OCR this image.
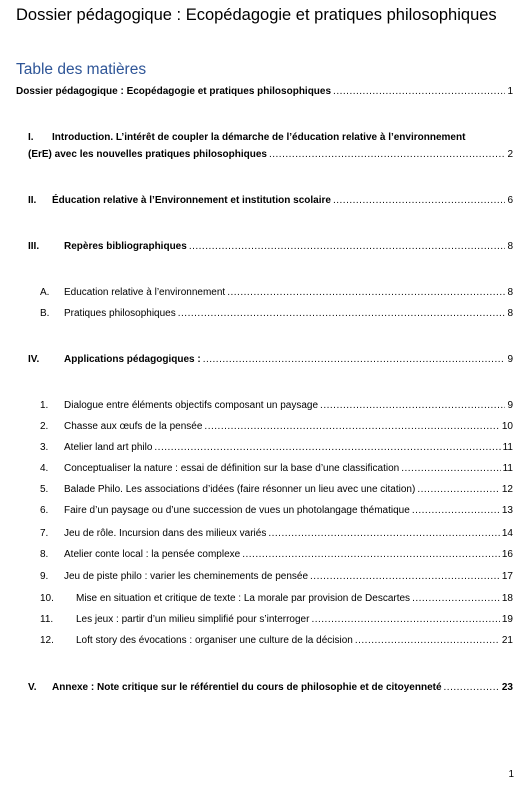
Dossier pédagogique : Ecopédagogie et pratiques philosophiques
Table des matières
Dossier pédagogique : Ecopédagogie et pratiques philosophiques .....	1
I. Introduction. L’intérêt de coupler la démarche de l’éducation relative à l’environnement
(ErE) avec les nouvelles pratiques philosophiques .....	2
II. Éducation relative à l’Environnement et institution scolaire .....	6
III. Repères bibliographiques .....	8
A. Education relative à l’environnement .....	8
B. Pratiques philosophiques .....	8
IV. Applications pédagogiques : .....	9
1. Dialogue entre éléments objectifs composant un paysage .....	9
2. Chasse aux œufs de la pensée .....	10
3. Atelier land art philo .....	11
4. Conceptualiser la nature : essai de définition sur la base d’une classification .....	11
5. Balade Philo. Les associations d’idées (faire résonner un lieu avec une citation) .....	12
6. Faire d’un paysage ou d’une succession de vues un photolangage thématique .....	13
7. Jeu de rôle. Incursion dans des milieux variés .....	14
8. Atelier conte local : la pensée complexe .....	16
9. Jeu de piste philo : varier les cheminements de pensée .....	17
10. Mise en situation et critique de texte : La morale par provision de Descartes .....	18
11. Les jeux : partir d’un milieu simplifié pour s’interroger .....	19
12. Loft story des évocations : organiser une culture de la décision .....	21
V. Annexe : Note critique sur le référentiel du cours de philosophie et de citoyenneté .....	23
1
